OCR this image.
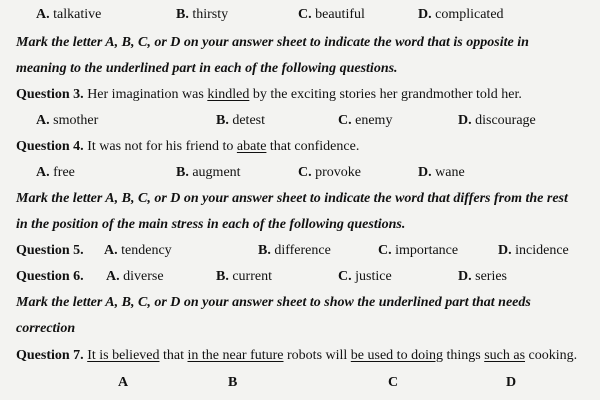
A. talkative	B. thirsty	C. beautiful	D. complicated
Mark the letter A, B, C, or D on your answer sheet to indicate the word that is opposite in
meaning to the underlined part in each of the following questions.
Question 3. Her imagination was kindled by the exciting stories her grandmother told her.
A. smother	B. detest	C. enemy	D. discourage
Question 4. It was not for his friend to abate that confidence.
A. free	B. augment	C. provoke	D. wane
Mark the letter A, B, C, or D on your answer sheet to indicate the word that differs from the rest
in the position of the main stress in each of the following questions.
Question 5. A. tendency	B. difference	C. importance	D. incidence
Question 6. A. diverse	B. current	C. justice	D. series
Mark the letter A, B, C, or D on your answer sheet to show the underlined part that needs
correction
Question 7. It is believed that in the near future robots will be used to doing things such as cooking.
A	B	C	D
